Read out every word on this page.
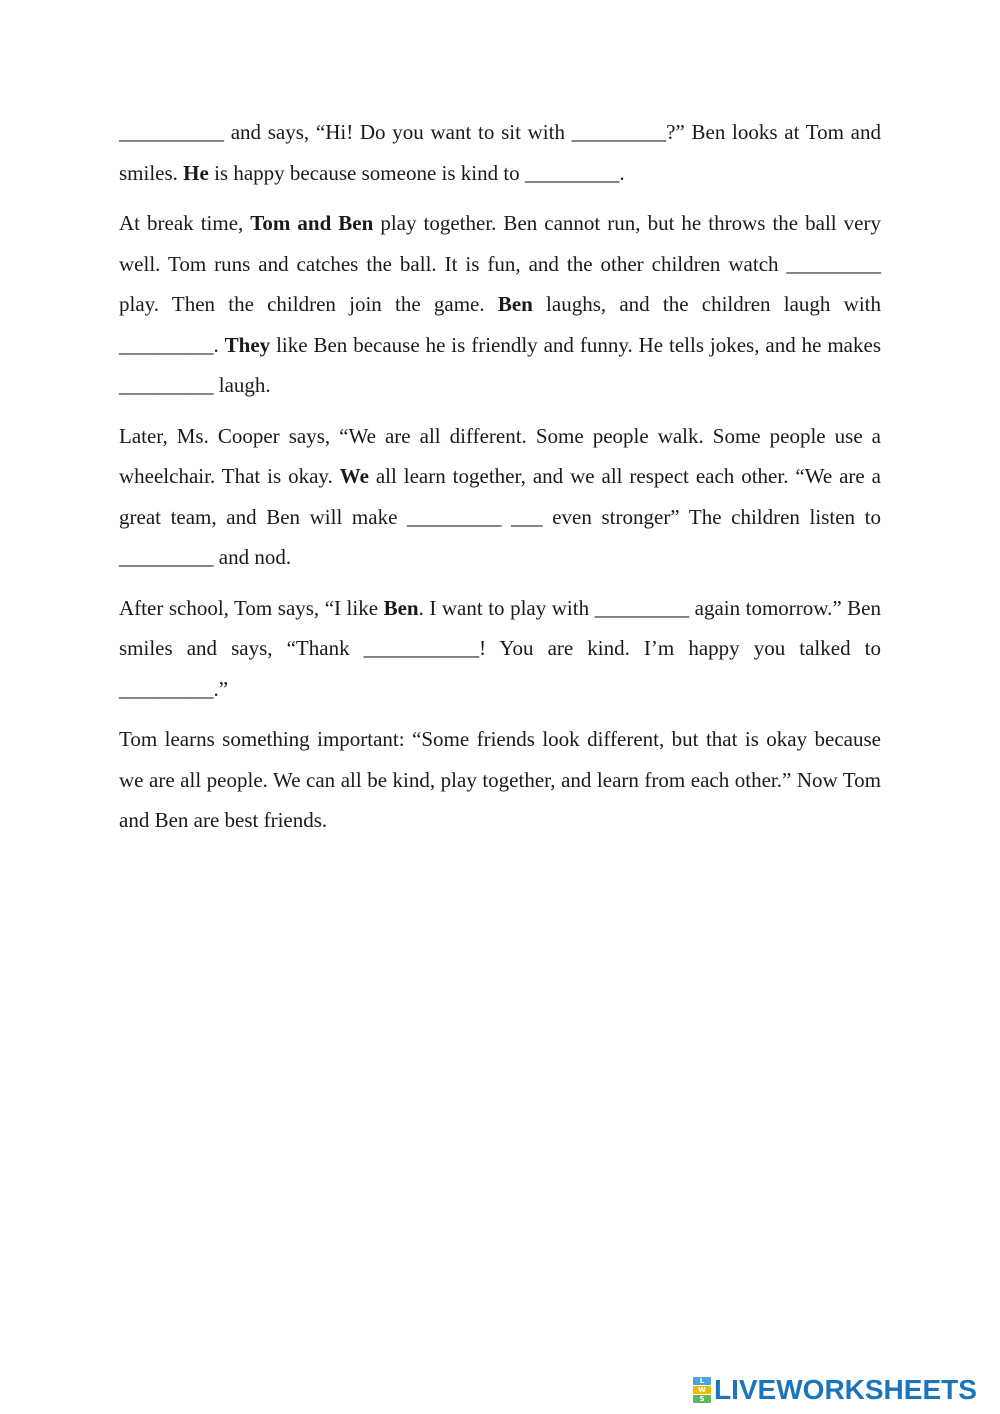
__________ and says, “Hi! Do you want to sit with _________?” Ben looks at Tom and smiles. He is happy because someone is kind to _________.

At break time, Tom and Ben play together. Ben cannot run, but he throws the ball very well. Tom runs and catches the ball. It is fun, and the other children watch _________ play. Then the children join the game. Ben laughs, and the children laugh with _________. They like Ben because he is friendly and funny. He tells jokes, and he makes _________ laugh.

Later, Ms. Cooper says, “We are all different. Some people walk. Some people use a wheelchair. That is okay. We all learn together, and we all respect each other. “We are a great team, and Ben will make _________ ___ even stronger” The children listen to _________ and nod.

After school, Tom says, “I like Ben. I want to play with _________ again tomorrow.” Ben smiles and says, “Thank ___________! You are kind. I’m happy you talked to _________.”

Tom learns something important: “Some friends look different, but that is okay because we are all people. We can all be kind, play together, and learn from each other.” Now Tom and Ben are best friends.

L
W
S LIVEWORKSHEETS
